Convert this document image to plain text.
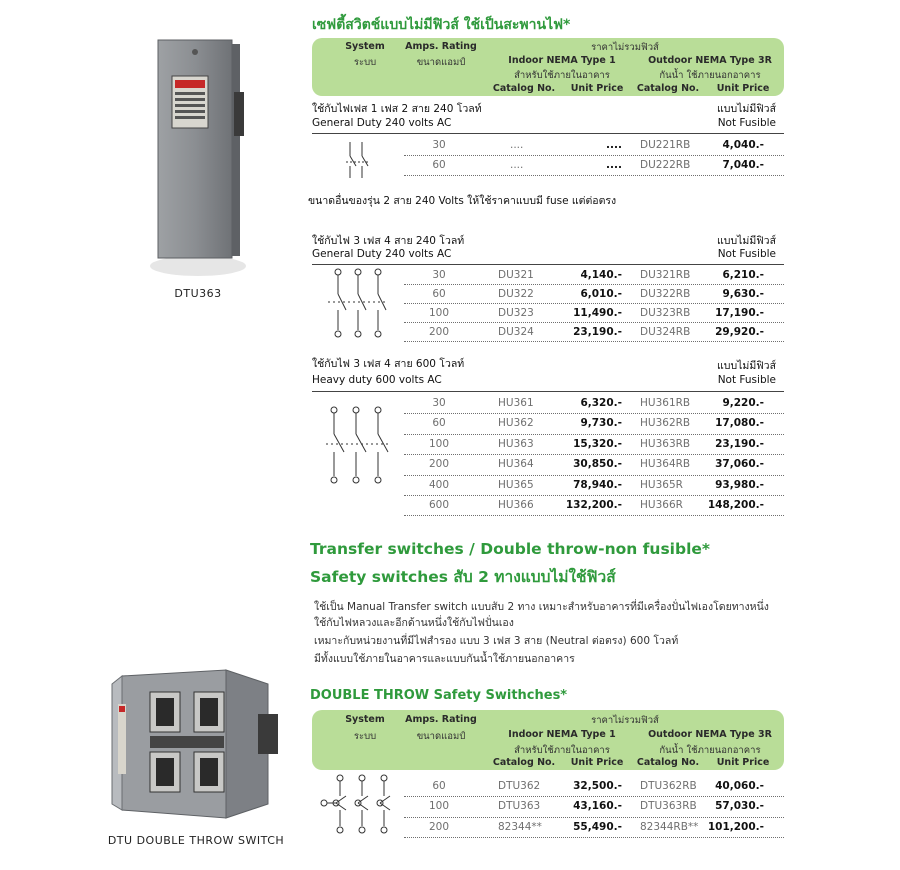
DTU363
DTU DOUBLE THROW SWITCH
เซฟตี้สวิตช์แบบไม่มีฟิวส์ ใช้เป็นสะพานไฟ*
System
ระบบ
Amps. Rating
ขนาดแอมป์
ราคาไม่รวมฟิวส์
Indoor NEMA Type 1
สำหรับใช้ภายในอาคาร
Outdoor NEMA Type 3R
กันน้ำ ใช้ภายนอกอาคาร
Catalog No.	Unit Price	Catalog No.	Unit Price
ใช้กับไฟเฟส 1 เฟส 2 สาย 240 โวลท์
General Duty 240 volts AC
แบบไม่มีฟิวส์
Not Fusible
30	....	.... DU221RB	4,040.-
60	....	.... DU222RB	7,040.-
ขนาดอื่นของรุ่น 2 สาย 240 Volts ให้ใช้ราคาแบบมี fuse แต่ต่อตรง
ใช้กับไฟ 3 เฟส 4 สาย 240 โวลท์
General Duty 240 volts AC
แบบไม่มีฟิวส์
Not Fusible
30	DU321	4,140.- DU321RB	6,210.-
60	DU322	6,010.- DU322RB	9,630.-
100	DU323	11,490.- DU323RB	17,190.-
200	DU324	23,190.- DU324RB	29,920.-
ใช้กับไฟ 3 เฟส 4 สาย 600 โวลท์
Heavy duty 600 volts AC
แบบไม่มีฟิวส์
Not Fusible
30	HU361	6,320.- HU361RB	9,220.-
60	HU362	9,730.- HU362RB	17,080.-
100	HU363	15,320.- HU363RB	23,190.-
200	HU364	30,850.- HU364RB	37,060.-
400	HU365	78,940.- HU365R	93,980.-
600	HU366	132,200.- HU366R	148,200.-
Transfer switches / Double throw-non fusible*
Safety switches สับ 2 ทางแบบไม่ใช้ฟิวส์
ใช้เป็น Manual Transfer switch แบบสับ 2 ทาง เหมาะสำหรับอาคารที่มีเครื่องปั่นไฟเองโดยทางหนึ่ง
ใช้กับไฟหลวงและอีกด้านหนึ่งใช้กับไฟปั่นเอง
เหมาะกับหน่วยงานที่มีไฟสำรอง แบบ 3 เฟส 3 สาย (Neutral ต่อตรง) 600 โวลท์
มีทั้งแบบใช้ภายในอาคารและแบบกันน้ำใช้ภายนอกอาคาร
DOUBLE THROW Safety Swithches*
System
ระบบ
Amps. Rating
ขนาดแอมป์
ราคาไม่รวมฟิวส์
Indoor NEMA Type 1
สำหรับใช้ภายในอาคาร
Outdoor NEMA Type 3R
กันน้ำ ใช้ภายนอกอาคาร
Catalog No.	Unit Price	Catalog No.	Unit Price
60	DTU362	32,500.- DTU362RB	40,060.-
100	DTU363	43,160.- DTU363RB	57,030.-
200	82344**	55,490.- 82344RB** 101,200.-
